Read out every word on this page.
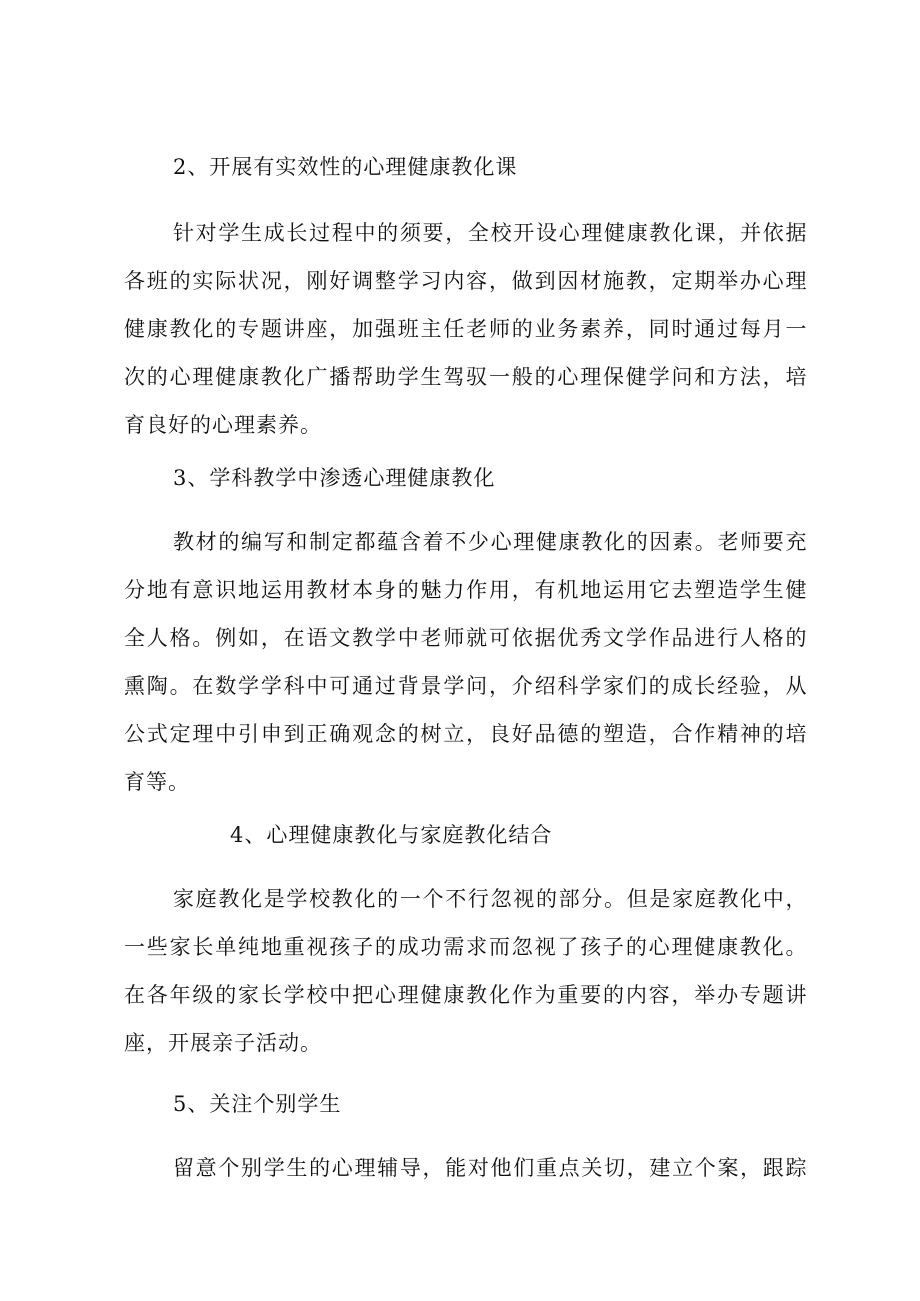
2、开展有实效性的心理健康教化课
针对学生成长过程中的须要，全校开设心理健康教化课，并依据
各班的实际状况，刚好调整学习内容，做到因材施教，定期举办心理
健康教化的专题讲座，加强班主任老师的业务素养，同时通过每月一
次的心理健康教化广播帮助学生驾驭一般的心理保健学问和方法，培
育良好的心理素养。
3、学科教学中渗透心理健康教化
教材的编写和制定都蕴含着不少心理健康教化的因素。老师要充
分地有意识地运用教材本身的魅力作用，有机地运用它去塑造学生健
全人格。例如，在语文教学中老师就可依据优秀文学作品进行人格的
熏陶。在数学学科中可通过背景学问，介绍科学家们的成长经验，从
公式定理中引申到正确观念的树立，良好品德的塑造，合作精神的培
育等。
4、心理健康教化与家庭教化结合
家庭教化是学校教化的一个不行忽视的部分。但是家庭教化中，
一些家长单纯地重视孩子的成功需求而忽视了孩子的心理健康教化。
在各年级的家长学校中把心理健康教化作为重要的内容，举办专题讲
座，开展亲子活动。
5、关注个别学生
留意个别学生的心理辅导，能对他们重点关切，建立个案，跟踪
